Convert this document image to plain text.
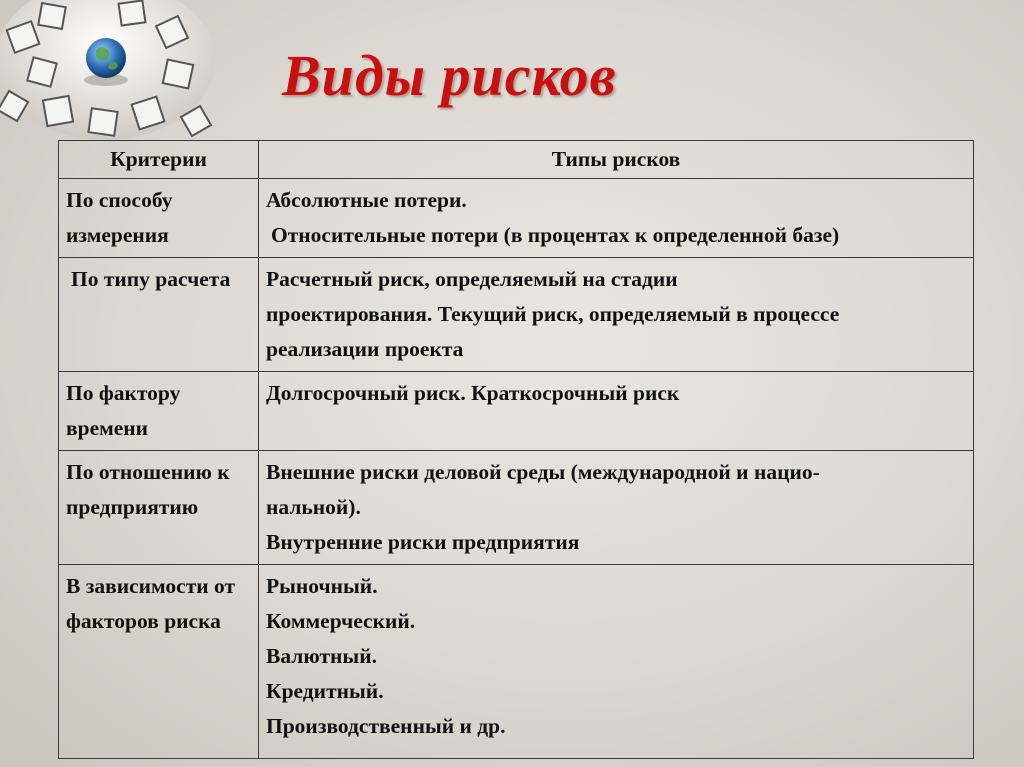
Виды рисков
Критерии	Типы рисков

По способу
измерения	Абсолютные потери.
Относительные потери (в процентах к определенной базе)

По типу расчета	Расчетный риск, определяемый на стадии
проектирования. Текущий риск, определяемый в процессе
реализации проекта

По фактору
времени	Долгосрочный риск. Краткосрочный риск

По отношению к
предприятию	Внешние риски деловой среды (международной и нацио-
нальной).
Внутренние риски предприятия

В зависимости от
факторов риска	Рыночный.
Коммерческий.
Валютный.
Кредитный.
Производственный и др.
